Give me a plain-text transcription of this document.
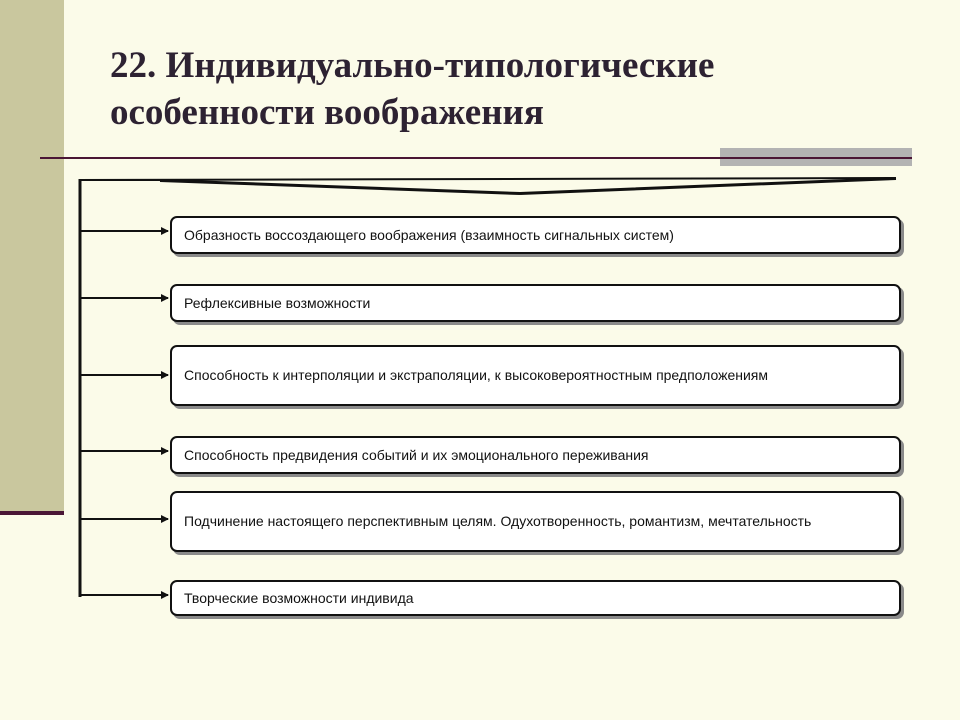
22. Индивидуально-типологические
особенности воображения
Образность воссоздающего воображения (взаимность сигнальных систем)
Рефлексивные возможности
Способность к интерполяции и экстраполяции, к высоковероятностным предположениям
Способность предвидения событий и их эмоционального переживания
Подчинение настоящего перспективным целям. Одухотворенность, романтизм, мечтательность
Творческие возможности индивида
